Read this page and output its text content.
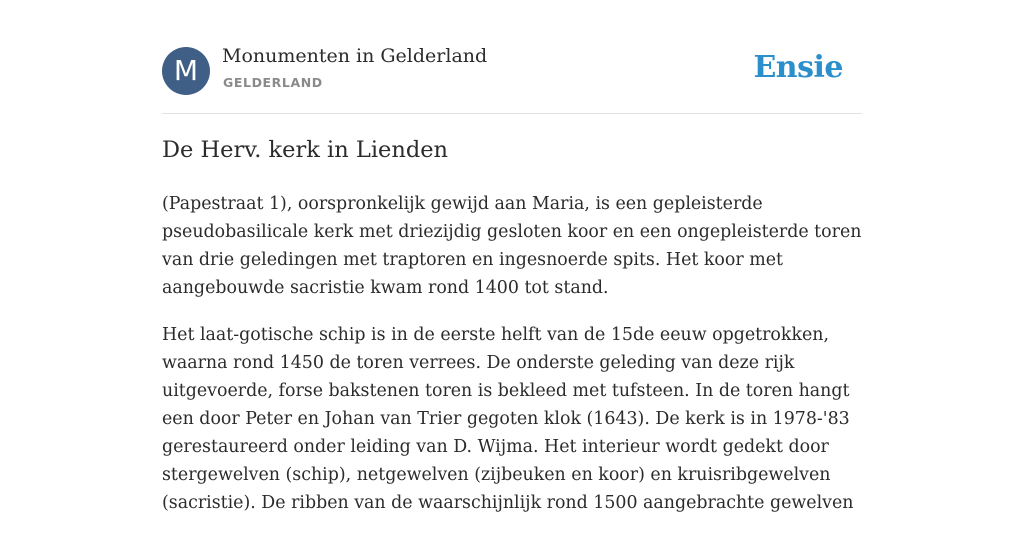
M	Monumenten in Gelderland
GELDERLAND	Ensie
De Herv. kerk in Lienden

(Papestraat 1), oorspronkelijk gewijd aan Maria, is een gepleisterde pseudobasilicale kerk met driezijdig gesloten koor en een ongepleisterde toren van drie geledingen met traptoren en ingesnoerde spits. Het koor met aangebouwde sacristie kwam rond 1400 tot stand.

Het laat-gotische schip is in de eerste helft van de 15de eeuw opgetrokken, waarna rond 1450 de toren verrees. De onderste geleding van deze rijk uitgevoerde, forse bakstenen toren is bekleed met tufsteen. In de toren hangt een door Peter en Johan van Trier gegoten klok (1643). De kerk is in 1978-'83 gerestaureerd onder leiding van D. Wijma. Het interieur wordt gedekt door stergewelven (schip), netgewelven (zijbeuken en koor) en kruisribgewelven (sacristie). De ribben van de waarschijnlijk rond 1500 aangebrachte gewelven
